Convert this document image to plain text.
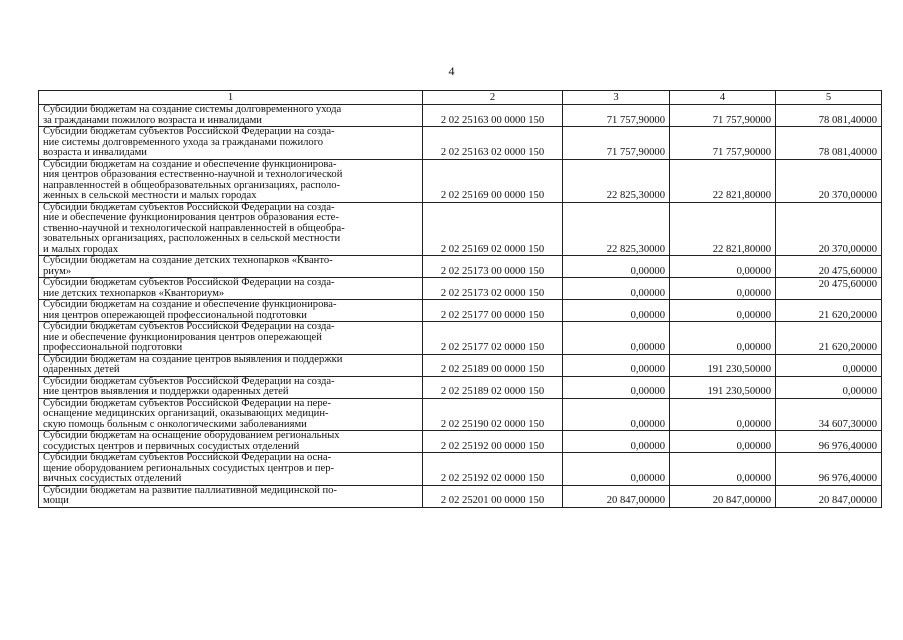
4
1	2	3	4	5

Субсидии бюджетам на создание системы долговременного ухода
за гражданами пожилого возраста и инвалидами	2 02 25163 00 0000 150	71 757,90000	71 757,90000	78 081,40000

Субсидии бюджетам субъектов Российской Федерации на созда-
ние системы долговременного ухода за гражданами пожилого
возраста и инвалидами	2 02 25163 02 0000 150	71 757,90000	71 757,90000	78 081,40000

Субсидии бюджетам на создание и обеспечение функционирова-
ния центров образования естественно-научной и технологической
направленностей в общеобразовательных организациях, располо-
женных в сельской местности и малых городах	2 02 25169 00 0000 150	22 825,30000	22 821,80000	20 370,00000

Субсидии бюджетам субъектов Российской Федерации на созда-
ние и обеспечение функционирования центров образования есте-
ственно-научной и технологической направленностей в общеобра-
зовательных организациях, расположенных в сельской местности
и малых городах	2 02 25169 02 0000 150	22 825,30000	22 821,80000	20 370,00000

Субсидии бюджетам на создание детских технопарков «Кванто-
риум»	2 02 25173 00 0000 150	0,00000	0,00000	20 475,60000

Субсидии бюджетам субъектов Российской Федерации на созда-
ние детских технопарков «Кванториум»	2 02 25173 02 0000 150	0,00000	0,00000	20 475,60000

Субсидии бюджетам на создание и обеспечение функционирова-
ния центров опережающей профессиональной подготовки	2 02 25177 00 0000 150	0,00000	0,00000	21 620,20000

Субсидии бюджетам субъектов Российской Федерации на созда-
ние и обеспечение функционирования центров опережающей
профессиональной подготовки	2 02 25177 02 0000 150	0,00000	0,00000	21 620,20000

Субсидии бюджетам на создание центров выявления и поддержки
одаренных детей	2 02 25189 00 0000 150	0,00000	191 230,50000	0,00000

Субсидии бюджетам субъектов Российской Федерации на созда-
ние центров выявления и поддержки одаренных детей	2 02 25189 02 0000 150	0,00000	191 230,50000	0,00000

Субсидии бюджетам субъектов Российской Федерации на пере-
оснащение медицинских организаций, оказывающих медицин-
скую помощь больным с онкологическими заболеваниями	2 02 25190 02 0000 150	0,00000	0,00000	34 607,30000

Субсидии бюджетам на оснащение оборудованием региональных
сосудистых центров и первичных сосудистых отделений	2 02 25192 00 0000 150	0,00000	0,00000	96 976,40000

Субсидии бюджетам субъектов Российской Федерации на осна-
щение оборудованием региональных сосудистых центров и пер-
вичных сосудистых отделений	2 02 25192 02 0000 150	0,00000	0,00000	96 976,40000

Субсидии бюджетам на развитие паллиативной медицинской по-
мощи	2 02 25201 00 0000 150	20 847,00000	20 847,00000	20 847,00000
